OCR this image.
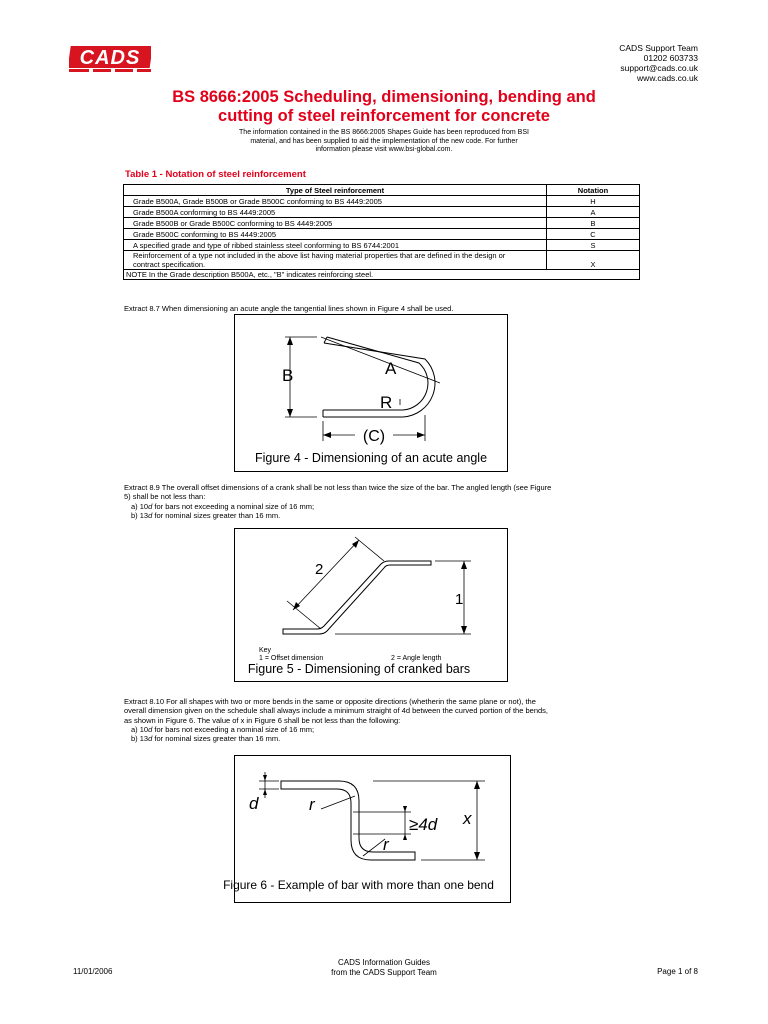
CADS	CADS Support Team
01202 603733
support@cads.co.uk
www.cads.co.uk
BS 8666:2005 Scheduling, dimensioning, bending and
cutting of steel reinforcement for concrete
The information contained in the BS 8666:2005 Shapes Guide has been reproduced from BSI
material, and has been supplied to aid the implementation of the new code. For further
information please visit www.bsi-global.com.
Table 1 - Notation of steel reinforcement
Type of Steel reinforcement	Notation
Grade B500A, Grade B500B or Grade B500C conforming to BS 4449:2005	H
Grade B500A conforming to BS 4449:2005	A
Grade B500B or Grade B500C conforming to BS 4449:2005	B
Grade B500C conforming to BS 4449:2005	C
A specified grade and type of ribbed stainless steel conforming to BS 6744:2001	S
Reinforcement of a type not included in the above list having material properties that are defined in the design or contract specification.	X
NOTE In the Grade description B500A, etc., "B" indicates reinforcing steel.	
Extract 8.7 When dimensioning an acute angle the tangential lines shown in Figure 4 shall be used.
A
B
R
(C)
Figure 4 - Dimensioning of an acute angle
Extract 8.9 The overall offset dimensions of a crank shall be not less than twice the size of the bar. The angled length (see Figure
5) shall be not less than:
a) 10d for bars not exceeding a nominal size of 16 mm;
b) 13d for nominal sizes greater than 16 mm.
2
1
Key
1 = Offset dimension	2 = Angle length
Figure 5 - Dimensioning of cranked bars
Extract 8.10 For all shapes with two or more bends in the same or opposite directions (whetherin the same plane or not), the
overall dimension given on the schedule shall always include a minimum straight of 4d between the curved portion of the bends,
as shown in Figure 6. The value of x in Figure 6 shall be not less than the following:
a) 10d for bars not exceeding a nominal size of 16 mm;
b) 13d for nominal sizes greater than 16 mm.
d	r
≥4d x
r
Figure 6 - Example of bar with more than one bend
11/01/2006
CADS Information Guides
from the CADS Support Team	Page 1 of 8
